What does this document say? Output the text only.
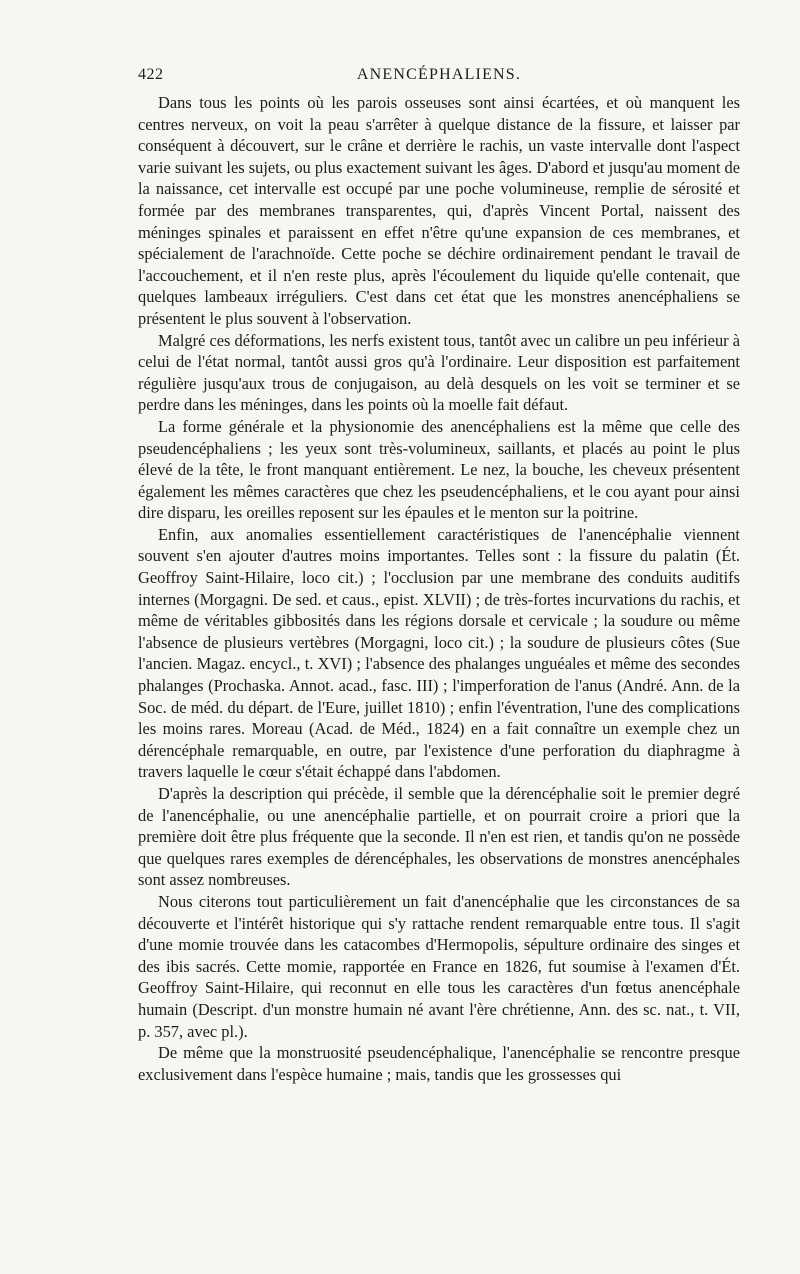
422	ANENCÉPHALIENS.

Dans tous les points où les parois osseuses sont ainsi écartées, et où manquent les centres nerveux, on voit la peau s'arrêter à quelque distance de la fissure, et laisser par conséquent à découvert, sur le crâne et derrière le rachis, un vaste intervalle dont l'aspect varie suivant les sujets, ou plus exactement suivant les âges. D'abord et jusqu'au moment de la naissance, cet intervalle est occupé par une poche volumineuse, remplie de sérosité et formée par des membranes transparentes, qui, d'après Vincent Portal, naissent des méninges spinales et paraissent en effet n'être qu'une expansion de ces membranes, et spécialement de l'arachnoïde. Cette poche se déchire ordinairement pendant le travail de l'accouchement, et il n'en reste plus, après l'écoulement du liquide qu'elle contenait, que quelques lambeaux irréguliers. C'est dans cet état que les monstres anencéphaliens se présentent le plus souvent à l'observation.

Malgré ces déformations, les nerfs existent tous, tantôt avec un calibre un peu inférieur à celui de l'état normal, tantôt aussi gros qu'à l'ordinaire. Leur disposition est parfaitement régulière jusqu'aux trous de conjugaison, au delà desquels on les voit se terminer et se perdre dans les méninges, dans les points où la moelle fait défaut.

La forme générale et la physionomie des anencéphaliens est la même que celle des pseudencéphaliens ; les yeux sont très-volumineux, saillants, et placés au point le plus élevé de la tête, le front manquant entièrement. Le nez, la bouche, les cheveux présentent également les mêmes caractères que chez les pseudencéphaliens, et le cou ayant pour ainsi dire disparu, les oreilles reposent sur les épaules et le menton sur la poitrine.

Enfin, aux anomalies essentiellement caractéristiques de l'anencéphalie viennent souvent s'en ajouter d'autres moins importantes. Telles sont : la fissure du palatin (Ét. Geoffroy Saint-Hilaire, loco cit.) ; l'occlusion par une membrane des conduits auditifs internes (Morgagni. De sed. et caus., epist. XLVII) ; de très-fortes incurvations du rachis, et même de véritables gibbosités dans les régions dorsale et cervicale ; la soudure ou même l'absence de plusieurs vertèbres (Morgagni, loco cit.) ; la soudure de plusieurs côtes (Sue l'ancien. Magaz. encycl., t. XVI) ; l'absence des phalanges unguéales et même des secondes phalanges (Prochaska. Annot. acad., fasc. III) ; l'imperforation de l'anus (André. Ann. de la Soc. de méd. du départ. de l'Eure, juillet 1810) ; enfin l'éventration, l'une des complications les moins rares. Moreau (Acad. de Méd., 1824) en a fait connaître un exemple chez un dérencéphale remarquable, en outre, par l'existence d'une perforation du diaphragme à travers laquelle le cœur s'était échappé dans l'abdomen.

D'après la description qui précède, il semble que la dérencéphalie soit le premier degré de l'anencéphalie, ou une anencéphalie partielle, et on pourrait croire a priori que la première doit être plus fréquente que la seconde. Il n'en est rien, et tandis qu'on ne possède que quelques rares exemples de dérencéphales, les observations de monstres anencéphales sont assez nombreuses.

Nous citerons tout particulièrement un fait d'anencéphalie que les circonstances de sa découverte et l'intérêt historique qui s'y rattache rendent remarquable entre tous. Il s'agit d'une momie trouvée dans les catacombes d'Hermopolis, sépulture ordinaire des singes et des ibis sacrés. Cette momie, rapportée en France en 1826, fut soumise à l'examen d'Ét. Geoffroy Saint-Hilaire, qui reconnut en elle tous les caractères d'un fœtus anencéphale humain (Descript. d'un monstre humain né avant l'ère chrétienne, Ann. des sc. nat., t. VII, p. 357, avec pl.).

De même que la monstruosité pseudencéphalique, l'anencéphalie se rencontre presque exclusivement dans l'espèce humaine ; mais, tandis que les grossesses qui
